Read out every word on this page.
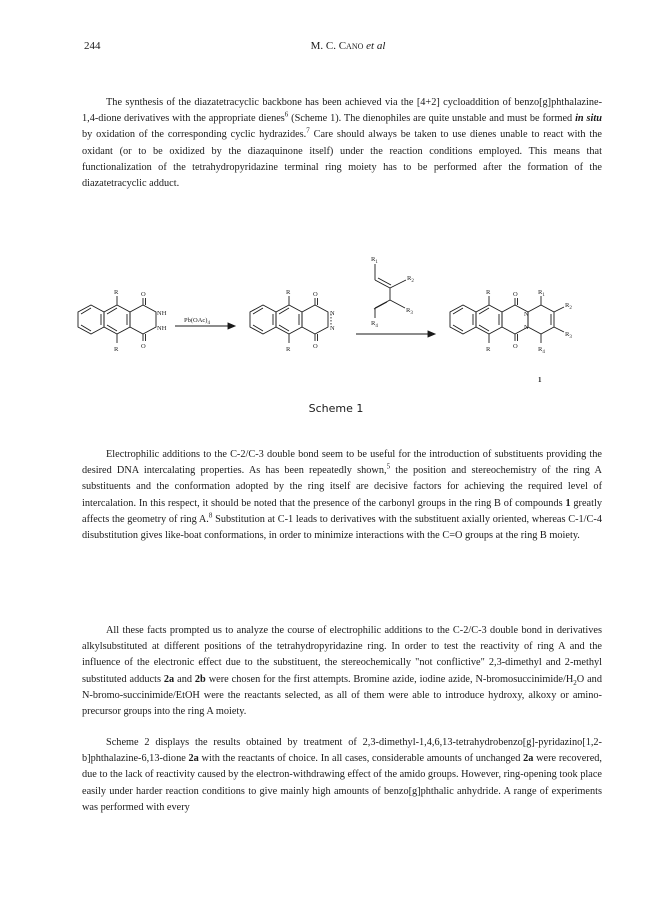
244	M. C. Cano et al

The synthesis of the diazatetracyclic backbone has been achieved via the [4+2] cycloaddition of benzo[g]phthalazine-1,4-dione derivatives with the appropriate dienes$^6$ (Scheme 1). The dienophiles are quite unstable and must be formed in situ by oxidation of the corresponding cyclic hydrazides.$^7$ Care should always be taken to use dienes unable to react with the oxidant (or to be oxidized by the diazaquinone itself) under the reaction conditions employed. This means that functionalization of the tetrahydropyridazine terminal ring moiety has to be performed after the formation of the diazatetracyclic adduct.

R
R
O
O
NH
NH
$Pb(OAc)_4$
R
R
O
O
N
N
$R_1$
$R_2$
$R_3$
$R_4$
R
R
O
O
N
N
$R_1$
$R_2$
$R_3$
$R_4$
1
Scheme 1

Electrophilic additions to the C-2/C-3 double bond seem to be useful for the introduction of substituents providing the desired DNA intercalating properties. As has been repeatedly shown,$^5$ the position and stereochemistry of the ring A substituents and the conformation adopted by the ring itself are decisive factors for achieving the required level of intercalation. In this respect, it should be noted that the presence of the carbonyl groups in the ring B of compounds 1 greatly affects the geometry of ring A.$^8$ Substitution at C-1 leads to derivatives with the substituent axially oriented, whereas C-1/C-4 disubstitution gives like-boat conformations, in order to minimize interactions with the C=O groups at the ring B moiety.

All these facts prompted us to analyze the course of electrophilic additions to the C-2/C-3 double bond in derivatives alkylsubstituted at different positions of the tetrahydropyridazine ring. In order to test the reactivity of ring A and the influence of the electronic effect due to the substituent, the stereochemically "not conflictive" 2,3-dimethyl and 2-methyl substituted adducts 2a and 2b were chosen for the first attempts. Bromine azide, iodine azide, $N-bromosuccinimide/H_2O$ and N-bromo-succinimide/EtOH were the reactants selected, as all of them were able to introduce hydroxy, alkoxy or amino-precursor groups into the ring A moiety.

Scheme 2 displays the results obtained by treatment of 2,3-dimethyl-1,4,6,13-tetrahydrobenzo[g]-pyridazino[1,2-b]phthalazine-6,13-dione 2a with the reactants of choice. In all cases, considerable amounts of unchanged 2a were recovered, due to the lack of reactivity caused by the electron-withdrawing effect of the amido groups. However, ring-opening took place easily under harder reaction conditions to give mainly high amounts of benzo[g]phthalic anhydride. A range of experiments was performed with every
